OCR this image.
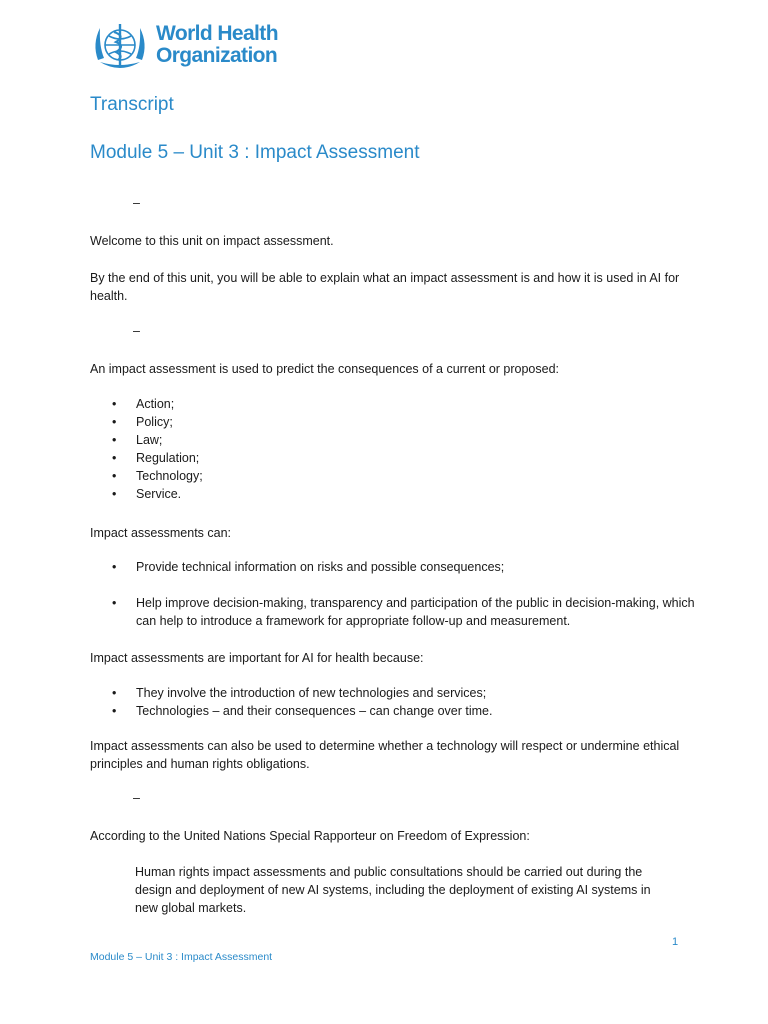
World Health
Organization
Transcript
Module 5 – Unit 3 : Impact Assessment
–

Welcome to this unit on impact assessment.

By the end of this unit, you will be able to explain what an impact assessment is and how it is used in AI for health.

–

An impact assessment is used to predict the consequences of a current or proposed:

• Action;
• Policy;
• Law;
• Regulation;
• Technology;
• Service.

Impact assessments can:

• Provide technical information on risks and possible consequences;
• Help improve decision-making, transparency and participation of the public in decision-making, which can help to introduce a framework for appropriate follow-up and measurement.

Impact assessments are important for AI for health because:

• They involve the introduction of new technologies and services;
• Technologies – and their consequences – can change over time.

Impact assessments can also be used to determine whether a technology will respect or undermine ethical principles and human rights obligations.

–

According to the United Nations Special Rapporteur on Freedom of Expression:

Human rights impact assessments and public consultations should be carried out during the design and deployment of new AI systems, including the deployment of existing AI systems in new global markets.

1
Module 5 – Unit 3 : Impact Assessment
